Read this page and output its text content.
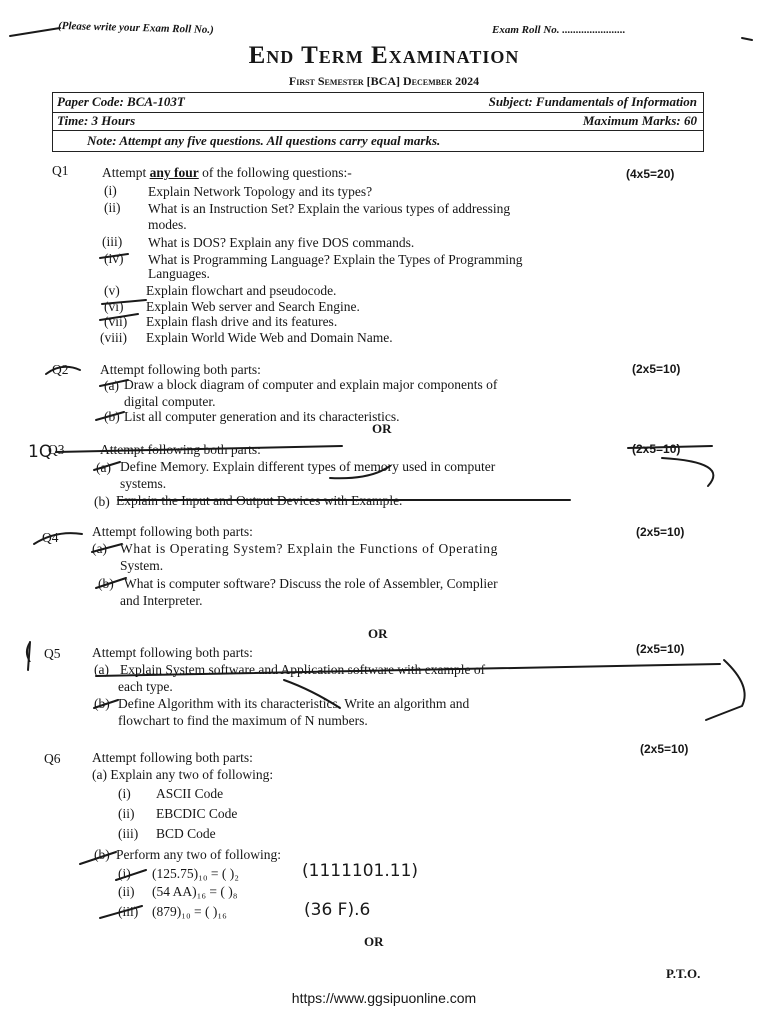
(Please write your Exam Roll No.)	Exam Roll No. .......................
End Term Examination
First Semester [BCA] December 2024
Paper Code: BCA-103T	Subject: Fundamentals of Information
Time: 3 Hours	Maximum Marks: 60
Note: Attempt any five questions. All questions carry equal marks.
Q1 Attempt any four of the following questions:-	(4x5=20)
(i) Explain Network Topology and its types?
(ii) What is an Instruction Set? Explain the various types of addressing
modes.
(iii) What is DOS? Explain any five DOS commands.
(iv) What is Programming Language? Explain the Types of Programming
Languages.
(v) Explain flowchart and pseudocode.
(vi) Explain Web server and Search Engine.
(vii) Explain flash drive and its features.
(viii) Explain World Wide Web and Domain Name.
Q2 Attempt following both parts:	(2x5=10)
(a) Draw a block diagram of computer and explain major components of
digital computer.
(b) List all computer generation and its characteristics.
OR
Q3	Attempt following both parts:	(2x5=10)
(a) Define Memory. Explain different types of memory used in computer
systems.
(b) Explain the Input and Output Devices with Example.
Q4 Attempt following both parts:	(2x5=10)
(a) What is Operating System? Explain the Functions of Operating
System.
(b) What is computer software? Discuss the role of Assembler, Complier
and Interpreter.
OR
Q5 Attempt following both parts:	(2x5=10)
(a) Explain System software and Application software with example of
each type.
(b) Define Algorithm with its characteristics. Write an algorithm and
flowchart to find the maximum of N numbers.
Q6 Attempt following both parts:
(2x5=10)
(a) Explain any two of following:
(i) ASCII Code
(ii) EBCDIC Code
(iii) BCD Code
(b) Perform any two of following:
(i) (125.75)₁₀ = ( )₂
(ii) (54 AA)₁₆ = ( )₈
(iii) (879)₁₀ = ( )₁₆
(1111101.11)
(36 F).6
OR
1Q
(
P.T.O.
https://www.ggsipuonline.com
